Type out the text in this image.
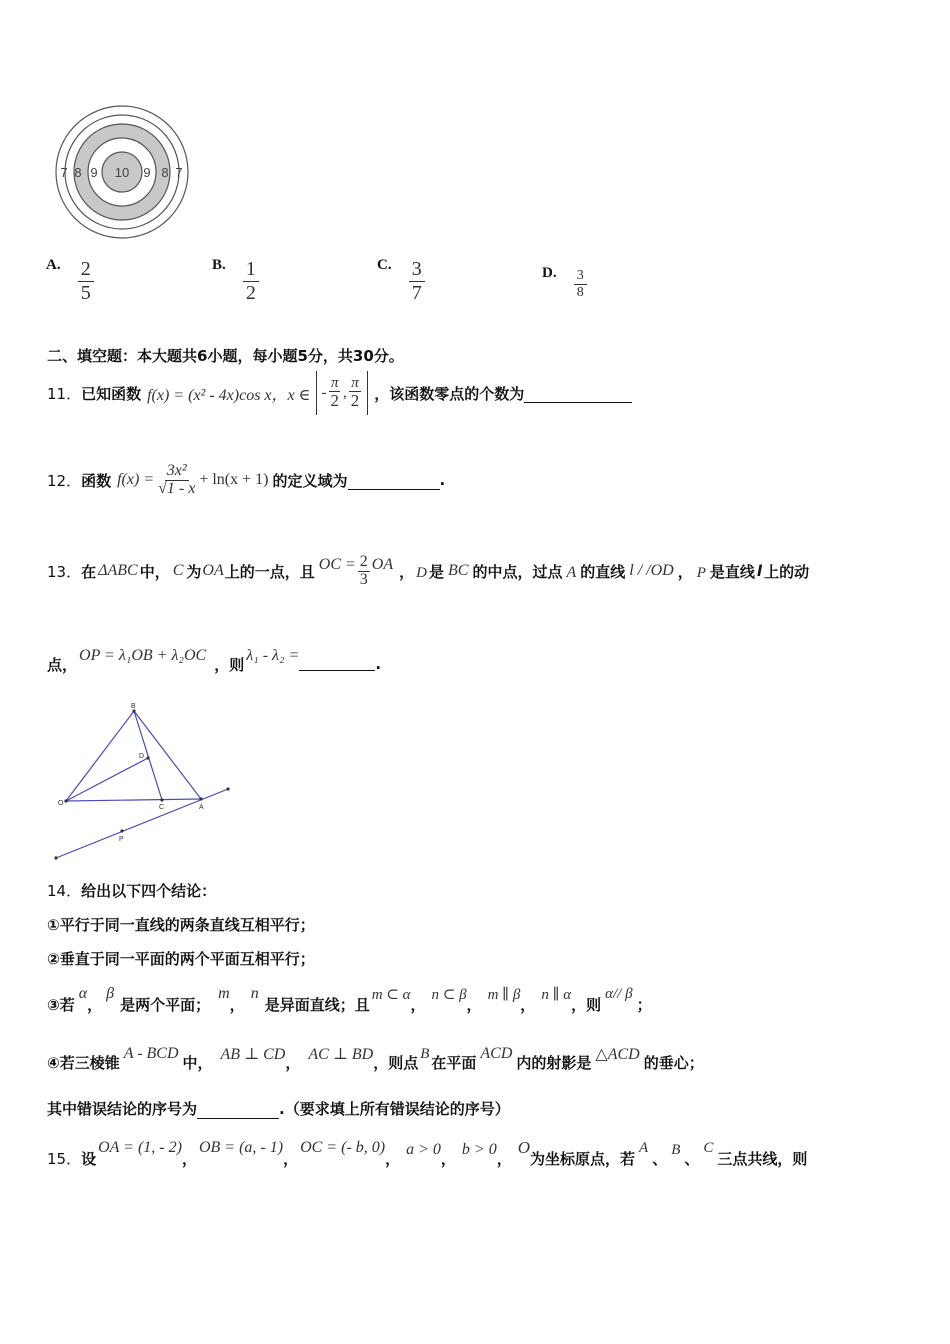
7 8 9 10 9 8 7
A. $\frac{2}{5}$	B. $\frac{1}{2}$	C. $\frac{3}{7}$	D. $\frac{3}{8}$
二、填空题：本大题共6小题，每小题5分，共30分。
11． 已知函数 f(x) = (x² - 4x)cos x，x ∈ - $\frac{\pi}{2}$ , $\frac{\pi}{2}$ ，该函数零点的个数为
12． 函数 $f(x) = \frac{\text{3x²}}{√1 - x} + \ln(x + 1)$ 的定义域为	.
13． 在 ΔABC 中， C 为 OA 上的一点，且 OC = $\frac{2}{3}$ OA ， D 是 BC 的中点，过点 A 的直线 l / /OD ， P 是直线 l 上的动
点， OP = λ₁OB + λ₂OC ，则 λ₁ - λ₂ =	.
B
D
O
C	A
P
14．给出以下四个结论：
①平行于同一直线的两条直线互相平行；
②垂直于同一平面的两个平面互相平行；
③若
α
，
β
是两个平面；
m
，
n
是异面直线；且
m ⊂ α
，
n ⊂ β
，
m ∥ β
，
n ∥ α
，则
α// β
；
④若三棱锥 A - BCD 中， AB ⊥ CD ， AC ⊥ BD ，则点 B 在平面 ACD 内的射影是 △ACD 的垂心；
其中错误结论的序号为	.（要求填上所有错误结论的序号）
15． 设
OA = (1, - 2)
，
OB = (a, - 1)
，
OC = (- b, 0)
， a > 0 ， b > 0 ，
O
为坐标原点，若
A
、 B 、
C
三点共线，则
